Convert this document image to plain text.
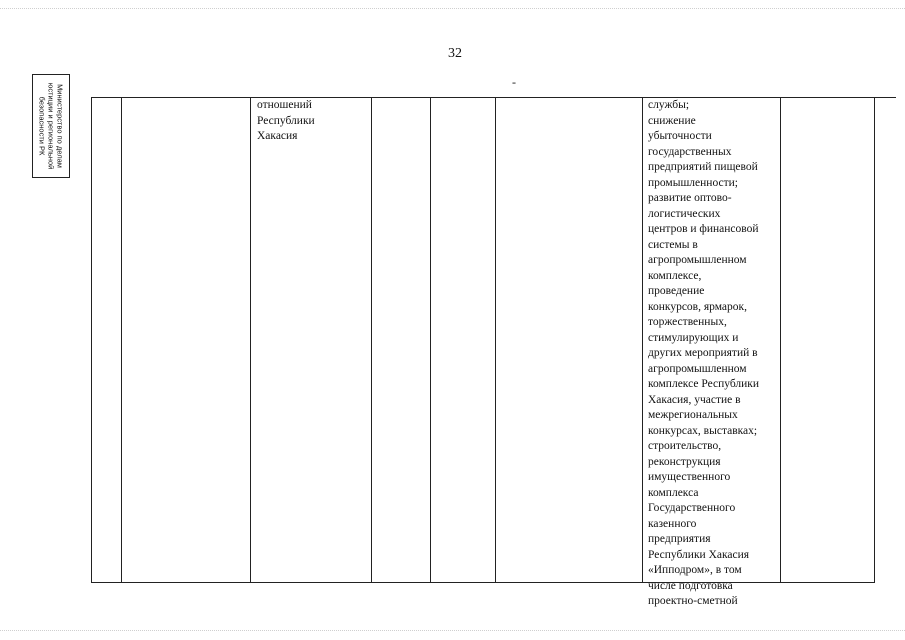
32
-
Министерство по делам
юстиции и региональной
безопасности РК
отношений
Республики
Хакасия
службы;
снижение
убыточности
государственных
предприятий пищевой
промышленности;
развитие оптово-
логистических
центров и финансовой
системы в
агропромышленном
комплексе,
проведение
конкурсов, ярмарок,
торжественных,
стимулирующих и
других мероприятий в
агропромышленном
комплексе Республики
Хакасия, участие в
межрегиональных
конкурсах, выставках;
строительство,
реконструкция
имущественного
комплекса
Государственного
казенного
предприятия
Республики Хакасия
«Ипподром», в том
числе подготовка
проектно-сметной
